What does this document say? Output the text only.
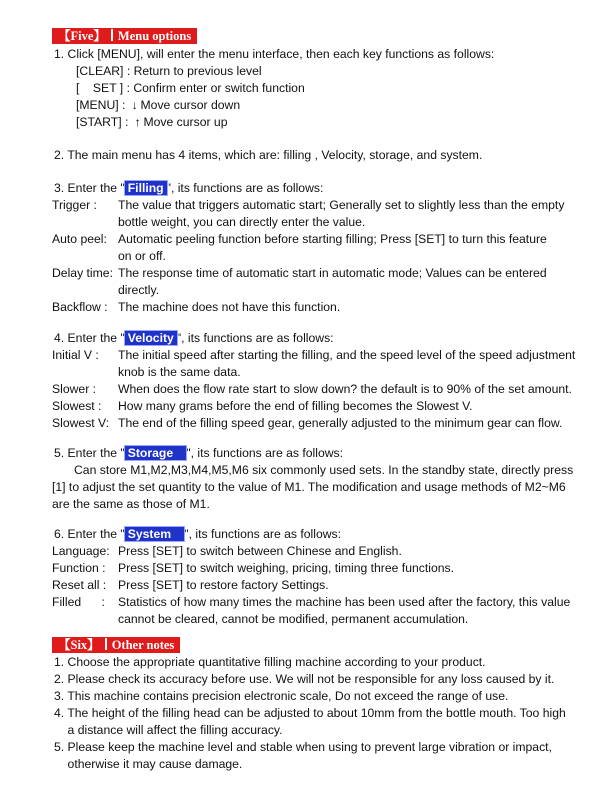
【Five】 Menu options
1. Click [MENU], will enter the menu interface, then each key functions as follows:
[CLEAR] : Return to previous level
[    SET ] : Confirm enter or switch function
[MENU] : ↓ Move cursor down
[START] : ↑ Move cursor up
2. The main menu has 4 items, which are: filling , Velocity, storage, and system.
3. Enter the " Filling ", its functions are as follows:
Trigger : The value that triggers automatic start; Generally set to slightly less than the empty
bottle weight, you can directly enter the value.
Auto peel: Automatic peeling function before starting filling; Press [SET] to turn this feature
on or off.
Delay time: The response time of automatic start in automatic mode; Values can be entered
directly.
Backflow : The machine does not have this function.
4. Enter the " Velocity ", its functions are as follows:
Initial V : The initial speed after starting the filling, and the speed level of the speed adjustment
knob is the same data.
Slower : When does the flow rate start to slow down? the default is to 90% of the set amount.
Slowest : How many grams before the end of filling becomes the Slowest V.
Slowest V: The end of the filling speed gear, generally adjusted to the minimum gear can flow.
5. Enter the " Storage   ", its functions are as follows:
Can store M1,M2,M3,M4,M5,M6 six commonly used sets. In the standby state, directly press
[1] to adjust the set quantity to the value of M1. The modification and usage methods of M2~M6
are the same as those of M1.
6. Enter the " System   ", its functions are as follows:
Language: Press [SET] to switch between Chinese and English.
Function : Press [SET] to switch weighing, pricing, timing three functions.
Reset all : Press [SET] to restore factory Settings.
Filled      : Statistics of how many times the machine has been used after the factory, this value
cannot be cleared, cannot be modified, permanent accumulation.
【Six】 Other notes
1. Choose the appropriate quantitative filling machine according to your product.
2. Please check its accuracy before use. We will not be responsible for any loss caused by it.
3. This machine contains precision electronic scale, Do not exceed the range of use.
4. The height of the filling head can be adjusted to about 10mm from the bottle mouth. Too high
a distance will affect the filling accuracy.
5. Please keep the machine level and stable when using to prevent large vibration or impact,
otherwise it may cause damage.
